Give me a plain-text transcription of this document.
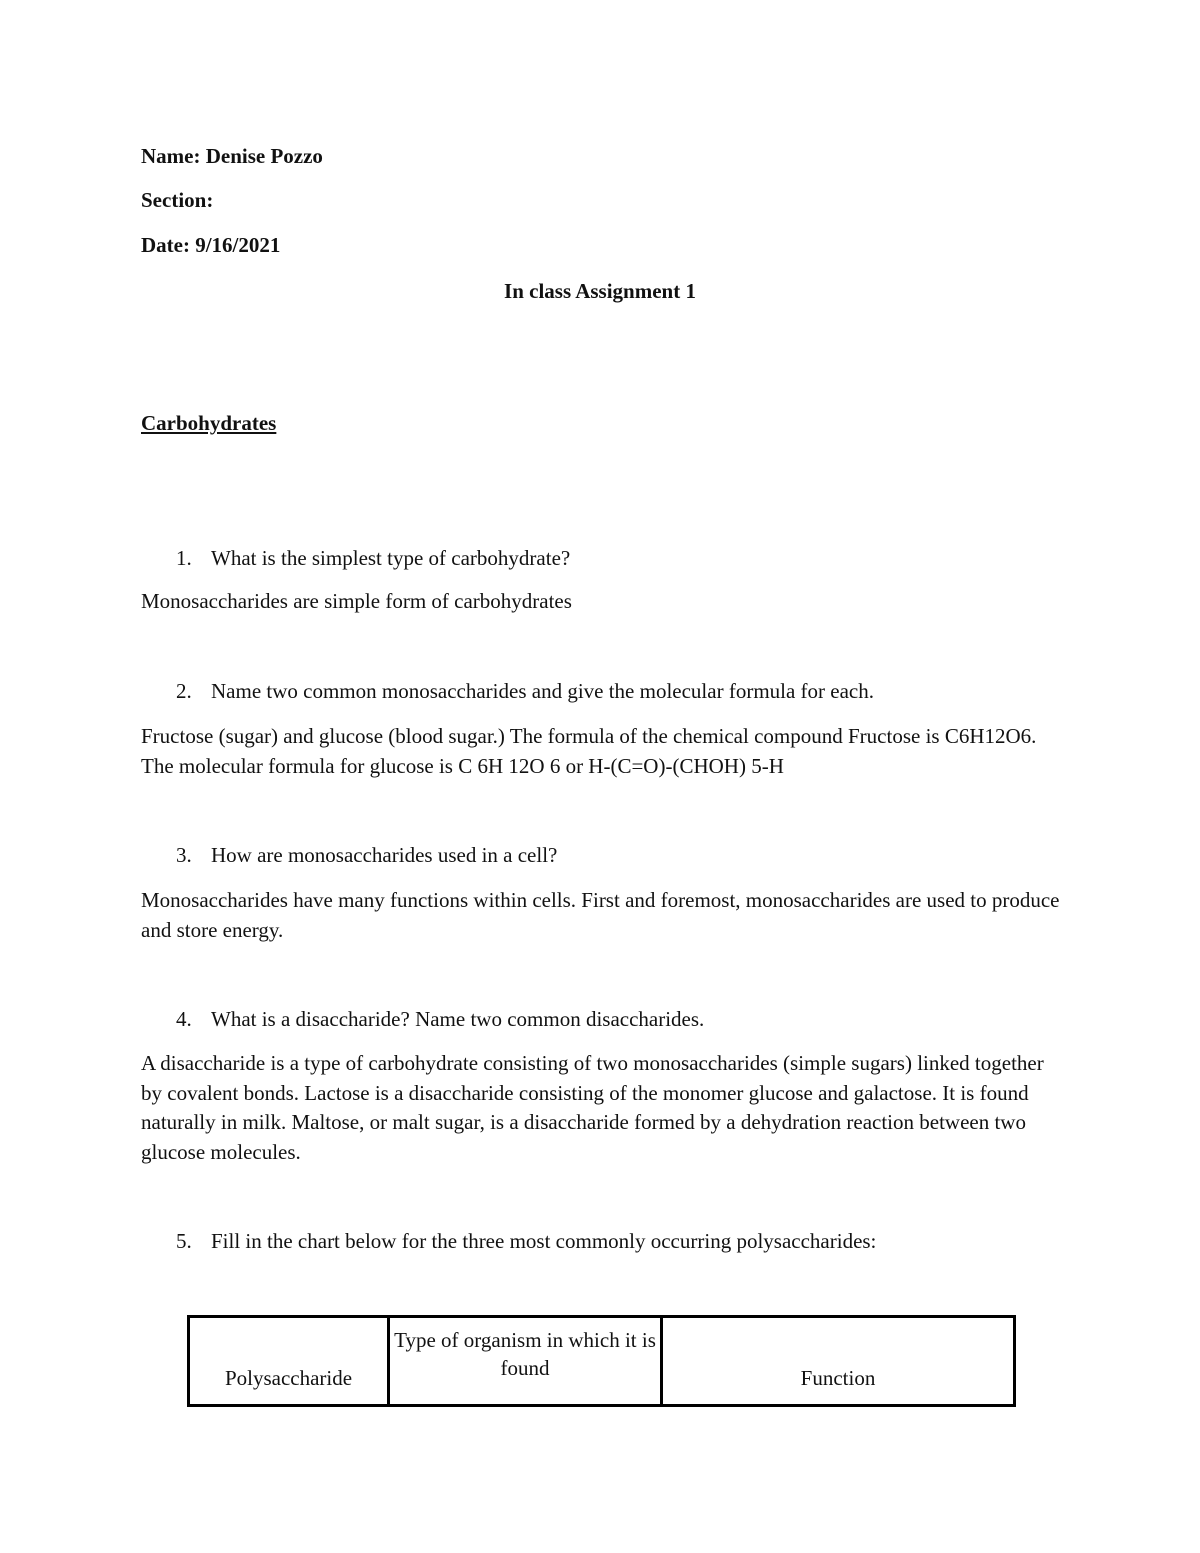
Name: Denise Pozzo
Section:
Date: 9/16/2021
In class Assignment 1
Carbohydrates
1. What is the simplest type of carbohydrate?
Monosaccharides are simple form of carbohydrates
2. Name two common monosaccharides and give the molecular formula for each.
Fructose (sugar) and glucose (blood sugar.) The formula of the chemical compound Fructose is C6H12O6. The molecular formula for glucose is C 6H 12O 6 or H-(C=O)-(CHOH) 5-H
3. How are monosaccharides used in a cell?
Monosaccharides have many functions within cells. First and foremost, monosaccharides are used to produce and store energy.
4. What is a disaccharide? Name two common disaccharides.
A disaccharide is a type of carbohydrate consisting of two monosaccharides (simple sugars) linked together by covalent bonds. Lactose is a disaccharide consisting of the monomer glucose and galactose. It is found naturally in milk. Maltose, or malt sugar, is a disaccharide formed by a dehydration reaction between two glucose molecules.
5. Fill in the chart below for the three most commonly occurring polysaccharides:
Polysaccharide	Type of organism in which it is found	Function
